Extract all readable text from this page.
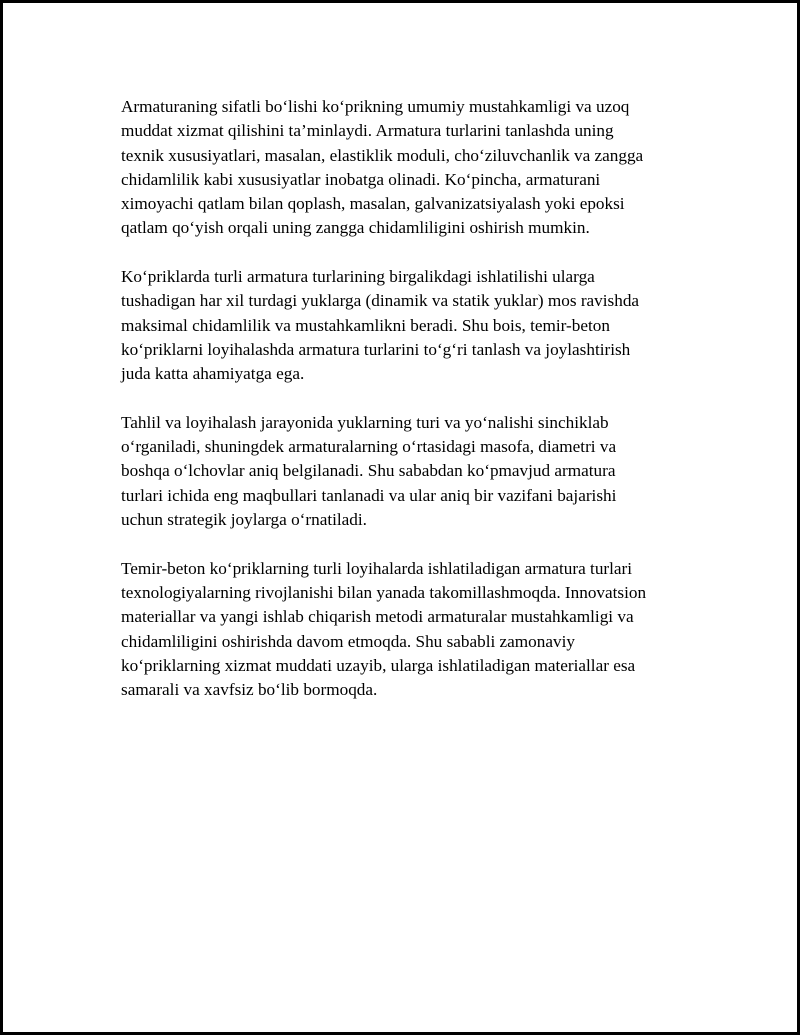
Armaturaning sifatli bo‘lishi ko‘prikning umumiy mustahkamligi va uzoq
muddat xizmat qilishini ta’minlaydi. Armatura turlarini tanlashda uning
texnik xususiyatlari, masalan, elastiklik moduli, cho‘ziluvchanlik va zangga
chidamlilik kabi xususiyatlar inobatga olinadi. Ko‘pincha, armaturani
ximoyachi qatlam bilan qoplash, masalan, galvanizatsiyalash yoki epoksi
qatlam qo‘yish orqali uning zangga chidamliligini oshirish mumkin.

Ko‘priklarda turli armatura turlarining birgalikdagi ishlatilishi ularga
tushadigan har xil turdagi yuklarga (dinamik va statik yuklar) mos ravishda
maksimal chidamlilik va mustahkamlikni beradi. Shu bois, temir-beton
ko‘priklarni loyihalashda armatura turlarini to‘g‘ri tanlash va joylashtirish
juda katta ahamiyatga ega.

Tahlil va loyihalash jarayonida yuklarning turi va yo‘nalishi sinchiklab
o‘rganiladi, shuningdek armaturalarning o‘rtasidagi masofa, diametri va
boshqa o‘lchovlar aniq belgilanadi. Shu sababdan ko‘pmavjud armatura
turlari ichida eng maqbullari tanlanadi va ular aniq bir vazifani bajarishi
uchun strategik joylarga o‘rnatiladi.

Temir-beton ko‘priklarning turli loyihalarda ishlatiladigan armatura turlari
texnologiyalarning rivojlanishi bilan yanada takomillashmoqda. Innovatsion
materiallar va yangi ishlab chiqarish metodi armaturalar mustahkamligi va
chidamliligini oshirishda davom etmoqda. Shu sababli zamonaviy
ko‘priklarning xizmat muddati uzayib, ularga ishlatiladigan materiallar esa
samarali va xavfsiz bo‘lib bormoqda.
